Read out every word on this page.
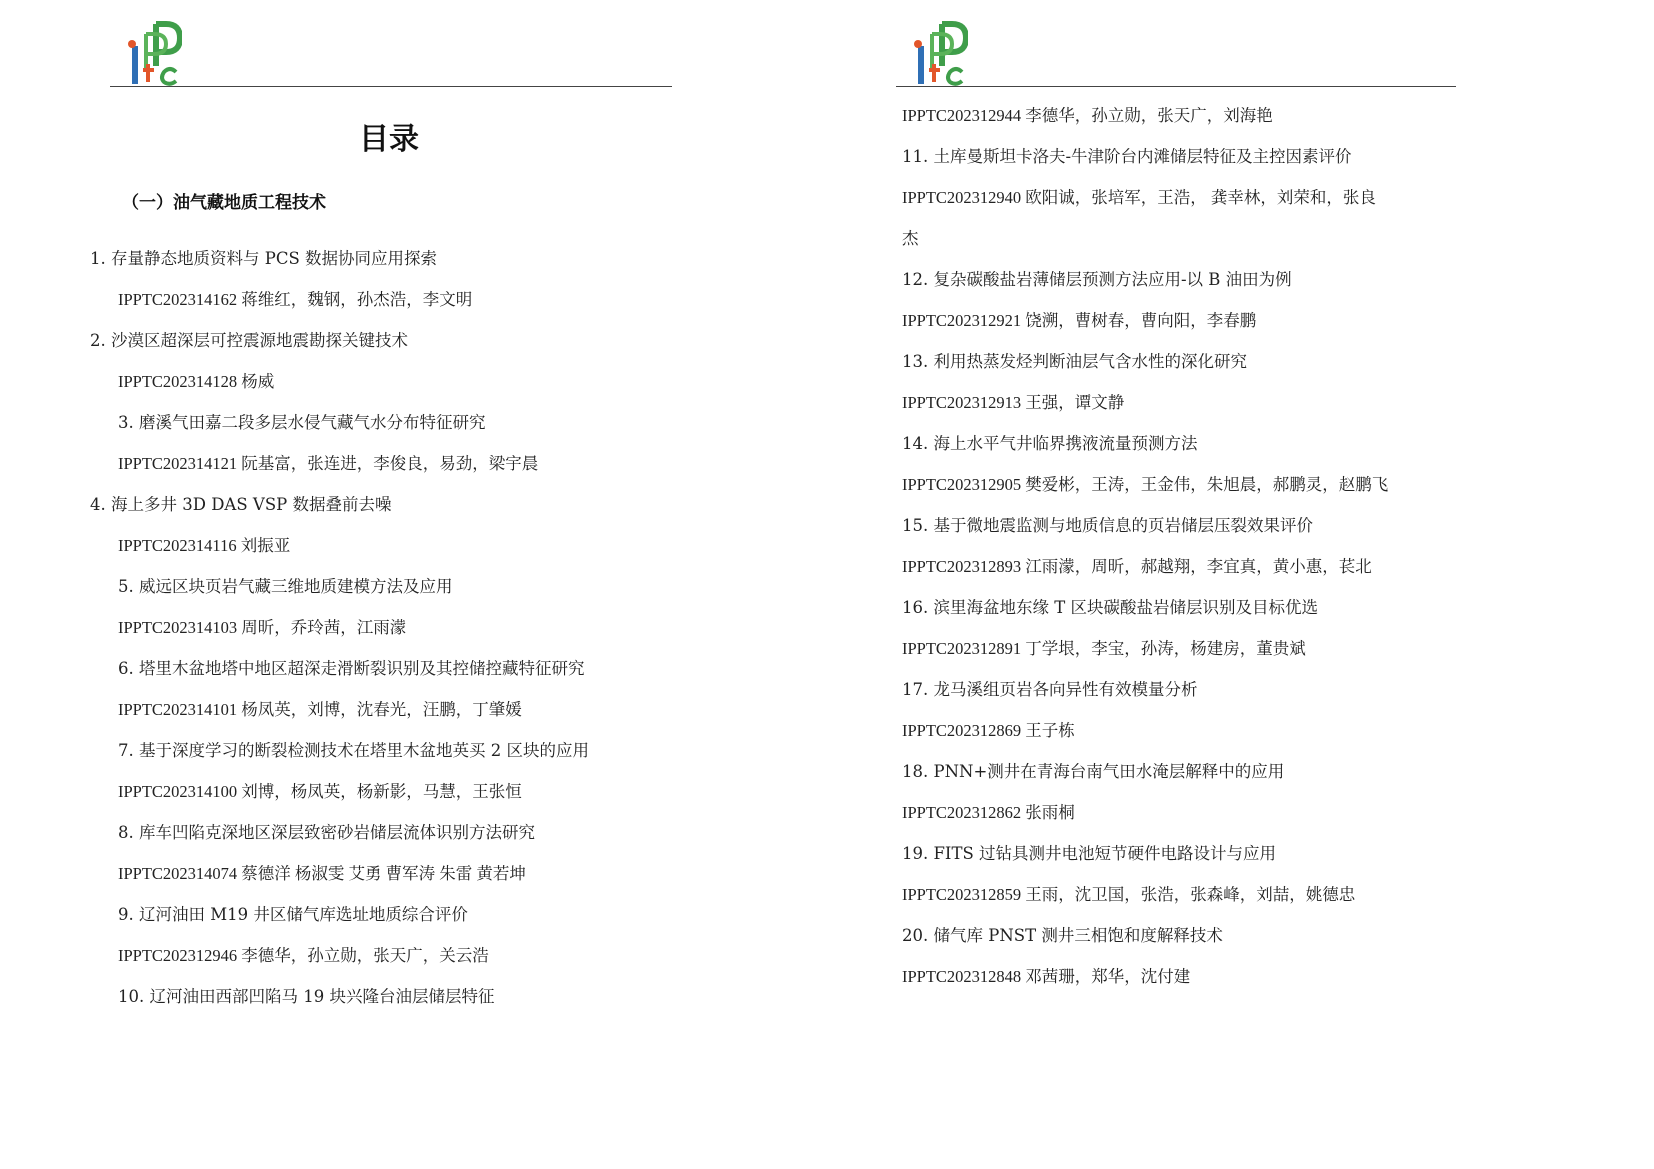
目录
（一）油气藏地质工程技术
1. 存量静态地质资料与 PCS 数据协同应用探索
IPPTC202314162 蒋维红，魏钢，孙杰浩，李文明
2. 沙漠区超深层可控震源地震勘探关键技术
IPPTC202314128 杨威
3. 磨溪气田嘉二段多层水侵气藏气水分布特征研究
IPPTC202314121 阮基富，张连进，李俊良，易劲，梁宇晨
4. 海上多井 3D DAS VSP 数据叠前去噪
IPPTC202314116 刘振亚
5. 威远区块页岩气藏三维地质建模方法及应用
IPPTC202314103 周昕，乔玲茜，江雨濛
6. 塔里木盆地塔中地区超深走滑断裂识别及其控储控藏特征研究
IPPTC202314101 杨凤英，刘博，沈春光，汪鹏，丁肇媛
7. 基于深度学习的断裂检测技术在塔里木盆地英买 2 区块的应用
IPPTC202314100 刘博，杨凤英，杨新影，马慧，王张恒
8. 库车凹陷克深地区深层致密砂岩储层流体识别方法研究
IPPTC202314074 蔡德洋 杨淑雯 艾勇 曹军涛 朱雷 黄若坤
9. 辽河油田 M19 井区储气库选址地质综合评价
IPPTC202312946 李德华，孙立勋，张天广，关云浩
10. 辽河油田西部凹陷马 19 块兴隆台油层储层特征
IPPTC202312944 李德华，孙立勋，张天广，刘海艳
11. 土库曼斯坦卡洛夫-牛津阶台内滩储层特征及主控因素评价
IPPTC202312940 欧阳诚，张培军，王浩， 龚幸林，刘荣和，张良
杰
12. 复杂碳酸盐岩薄储层预测方法应用-以 B 油田为例
IPPTC202312921 饶溯，曹树春，曹向阳，李春鹏
13. 利用热蒸发烃判断油层气含水性的深化研究
IPPTC202312913 王强，谭文静
14. 海上水平气井临界携液流量预测方法
IPPTC202312905 樊爱彬，王涛，王金伟，朱旭晨，郝鹏灵，赵鹏飞
15. 基于微地震监测与地质信息的页岩储层压裂效果评价
IPPTC202312893 江雨濛，周昕，郝越翔，李宜真，黄小惠，苌北
16. 滨里海盆地东缘 T 区块碳酸盐岩储层识别及目标优选
IPPTC202312891 丁学垠，李宝，孙涛，杨建房，董贵斌
17. 龙马溪组页岩各向异性有效模量分析
IPPTC202312869 王子栋
18. PNN+测井在青海台南气田水淹层解释中的应用
IPPTC202312862 张雨桐
19. FITS 过钻具测井电池短节硬件电路设计与应用
IPPTC202312859 王雨，沈卫国，张浩，张森峰，刘喆，姚德忠
20. 储气库 PNST 测井三相饱和度解释技术
IPPTC202312848 邓茜珊，郑华，沈付建
